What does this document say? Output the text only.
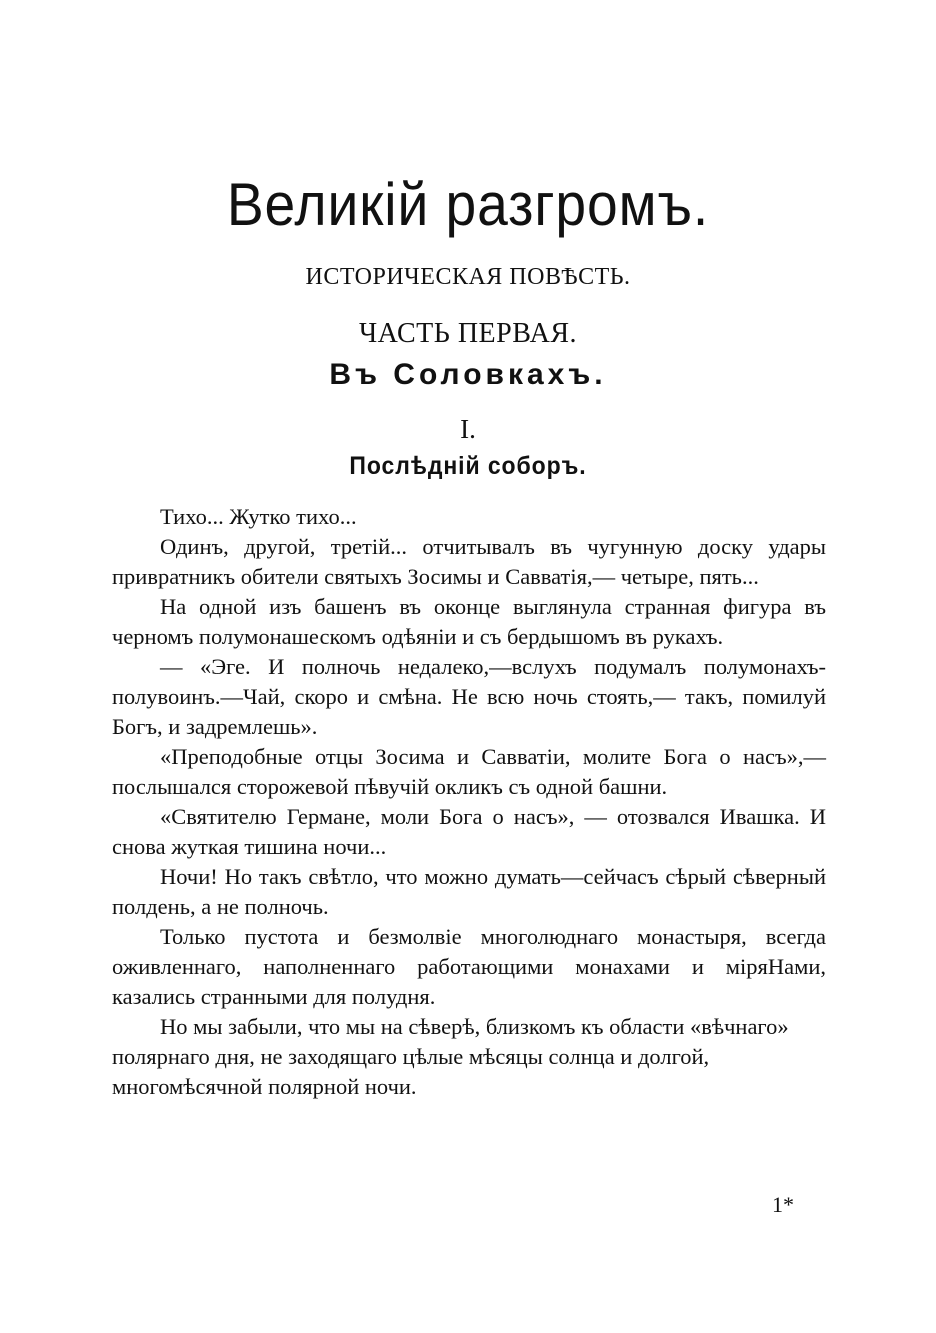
Великій разгромъ.
ИСТОРИЧЕСКАЯ ПОВѢСТЬ.
ЧАСТЬ ПЕРВАЯ.
Въ Соловкахъ.
I.
Послѣдній соборъ.

Тихо... Жутко тихо...

Одинъ, другой, третій... отчитывалъ въ чугунную доску удары привратникъ обители святыхъ Зосимы и Савватія,— четыре, пять...

На одной изъ башенъ въ оконце выглянула странная фигура въ черномъ полумонашескомъ одѣяніи и съ бердышомъ въ рукахъ.

— «Эге. И полночь недалеко,—вслухъ подумалъ полумонахъ-полувоинъ.—Чай, скоро и смѣна. Не всю ночь стоять,— такъ, помилуй Богъ, и задремлешь».

«Преподобные отцы Зосима и Савватіи, молите Бога о насъ»,—послышался сторожевой пѣвучій окликъ съ одной башни.

«Святителю Германе, моли Бога о насъ», — отозвался Ивашка. И снова жуткая тишина ночи...

Ночи! Но такъ свѣтло, что можно думать—сейчасъ сѣрый сѣверный полдень, а не полночь.

Только пустота и безмолвіе многолюднаго монастыря, всегда оживленнаго, наполненнаго работающими монахами и міряНами, казались странными для полудня.

Но мы забыли, что мы на сѣверѣ, близкомъ къ области «вѣчнаго» полярнаго дня, не заходящаго цѣлые мѣсяцы солнца и долгой, многомѣсячной полярной ночи.

1*
